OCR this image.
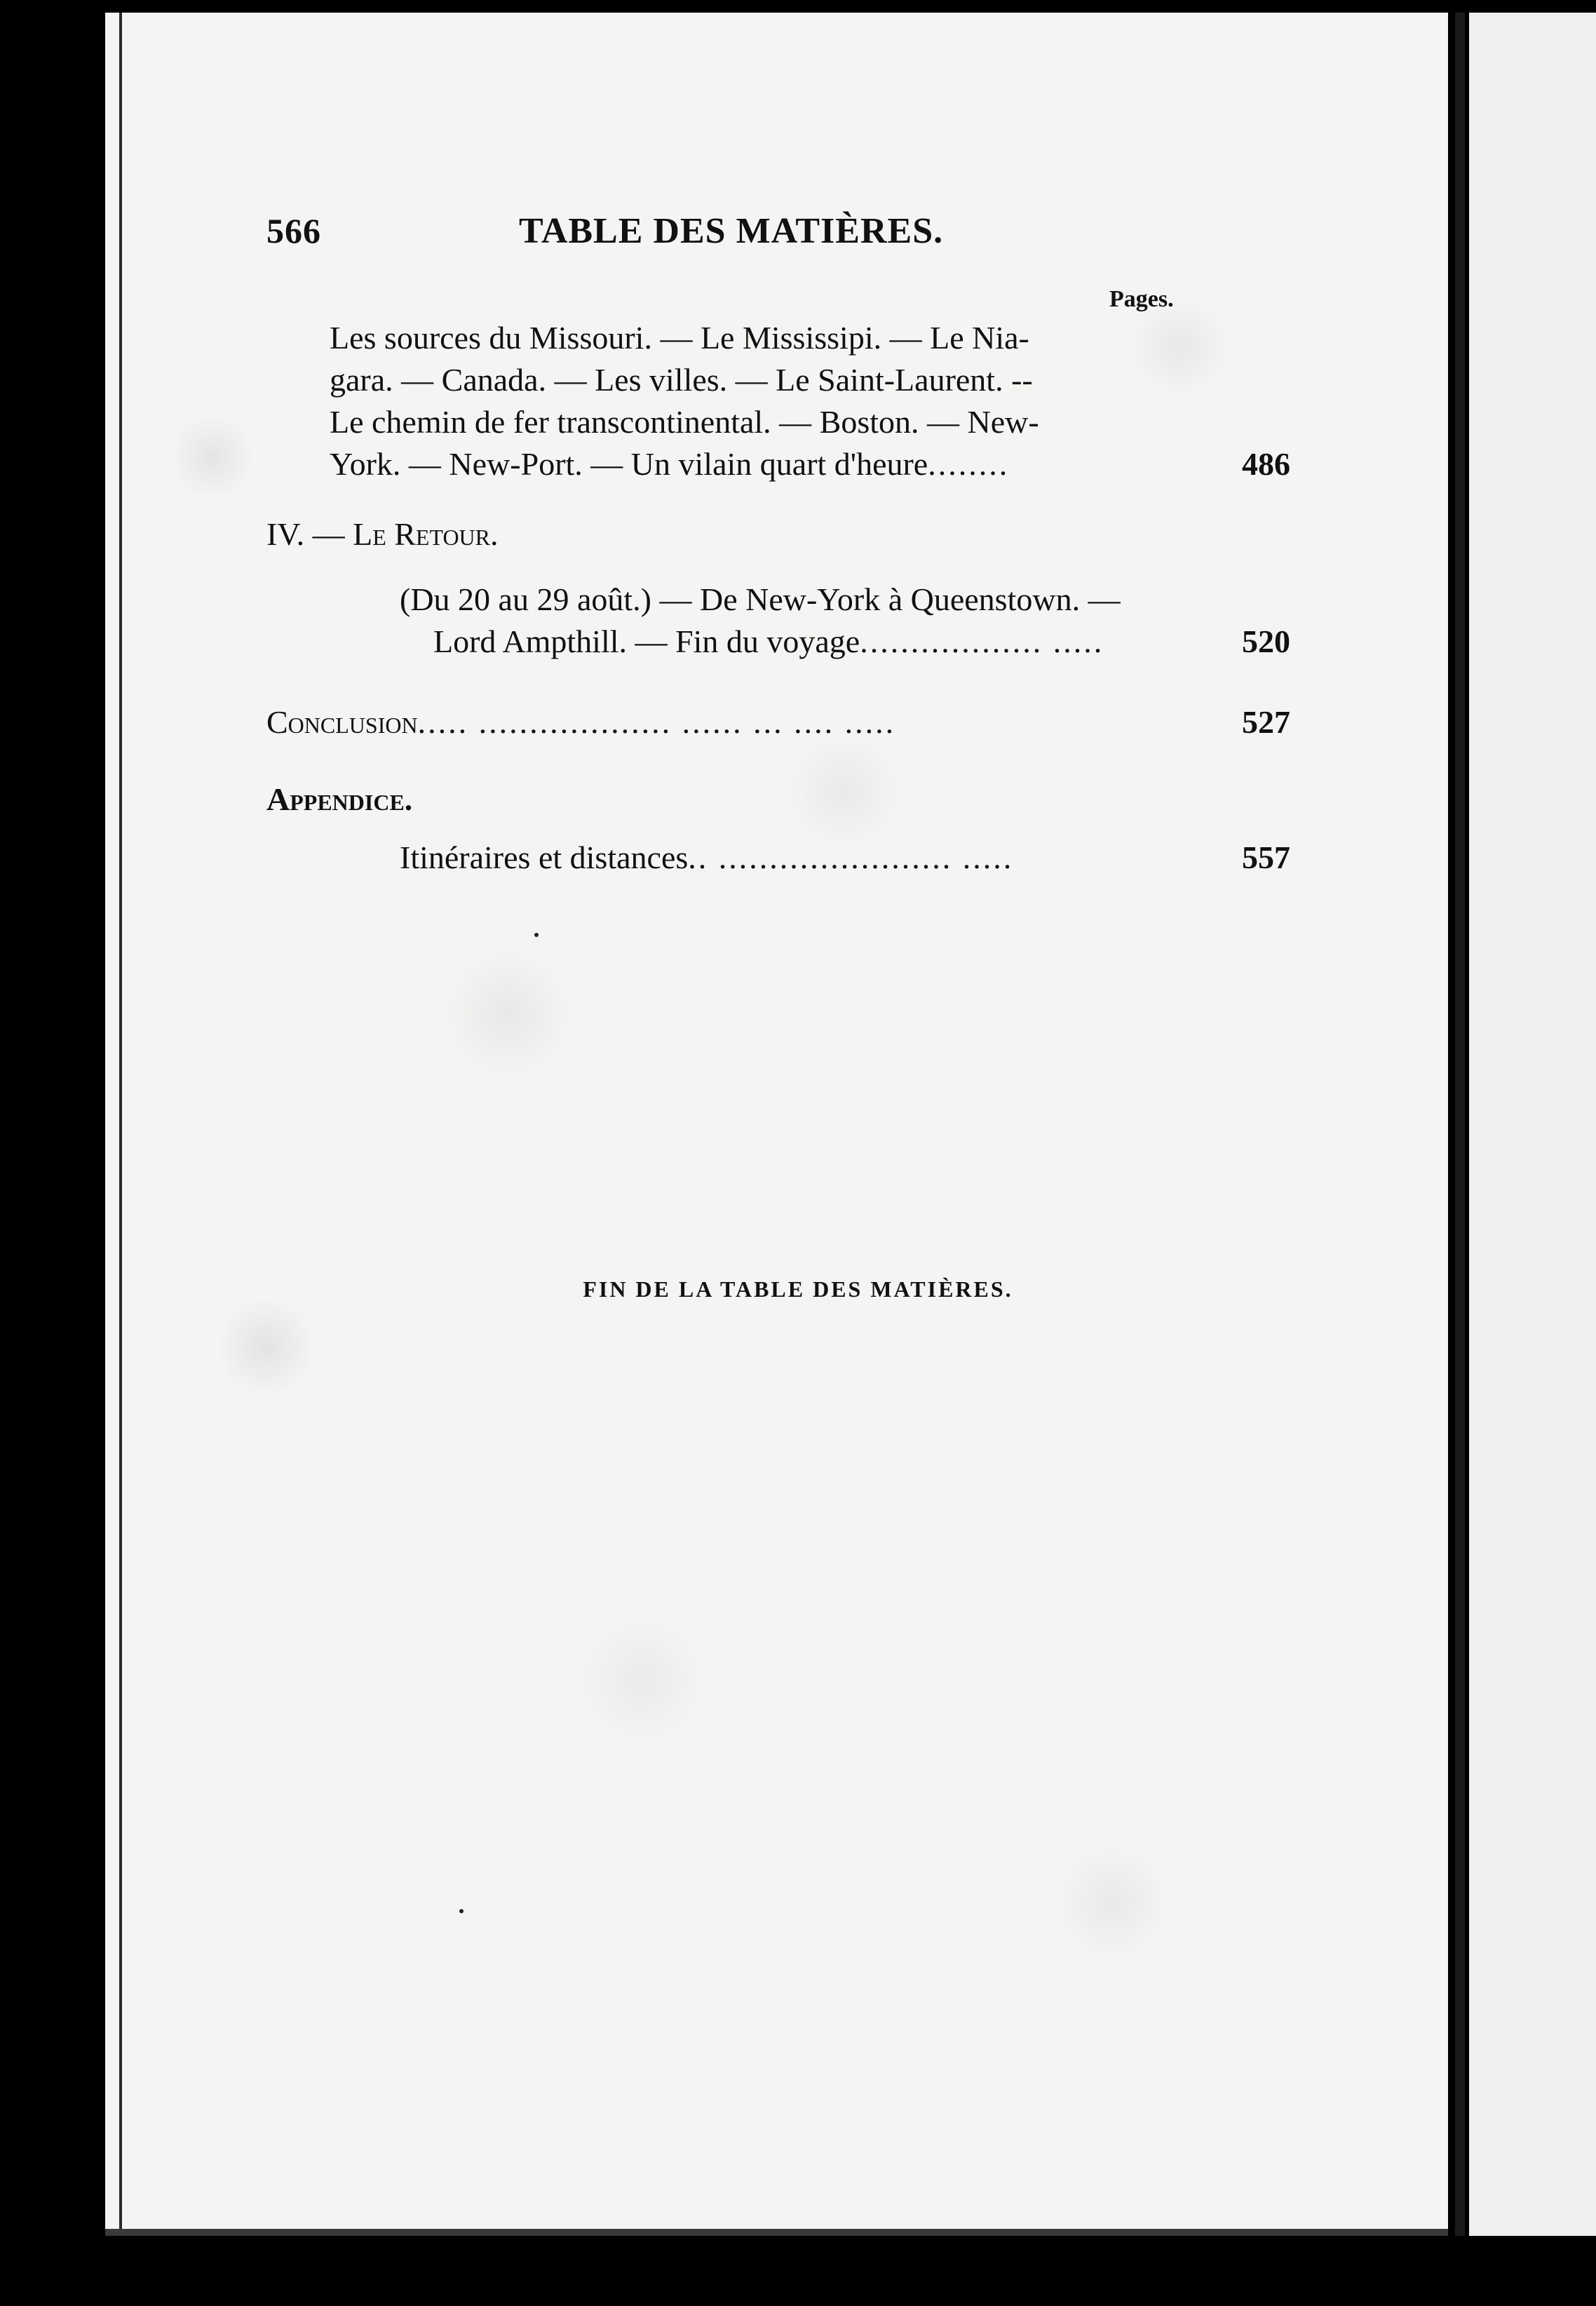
566	TABLE DES MATIÈRES.
Pages.
Les sources du Missouri. — Le Mississipi. — Le Nia-
gara. — Canada. — Les villes. — Le Saint-Laurent. --
Le chemin de fer transcontinental. — Boston. — New-
York. — New-Port. — Un vilain quart d'heure........	486
IV. — Le Retour.
(Du 20 au 29 août.) — De New-York à Queenstown. —
Lord Ampthill. — Fin du voyage.................. .....	520
Conclusion..... ................... ...... ... .... .....	527
Appendice.
Itinéraires et distances.. ....................... .....	557
FIN DE LA TABLE DES MATIÈRES.
